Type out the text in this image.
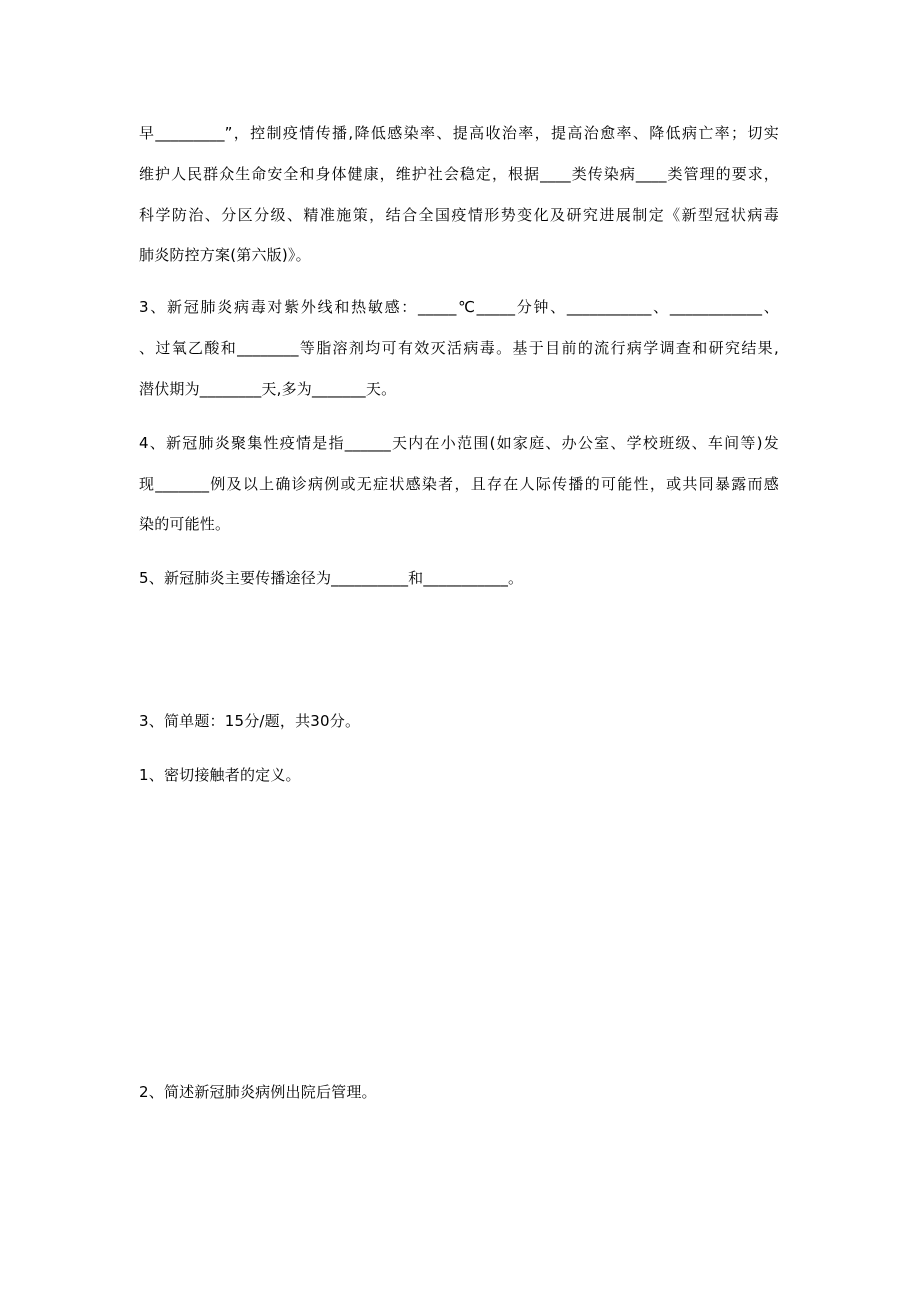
早_________”，控制疫情传播,降低感染率、提高收治率，提高治愈率、降低病亡率；切实
维护人民群众生命安全和身体健康，维护社会稳定，根据____类传染病____类管理的要求，
科学防治、分区分级、精准施策，结合全国疫情形势变化及研究进展制定《新型冠状病毒
肺炎防控方案(第六版)》。
3、新冠肺炎病毒对紫外线和热敏感：_____℃_____分钟、___________、____________、
、过氧乙酸和________等脂溶剂均可有效灭活病毒。基于目前的流行病学调查和研究结果,
潜伏期为________天,多为_______天。
4、新冠肺炎聚集性疫情是指______天内在小范围(如家庭、办公室、学校班级、车间等)发
现_______例及以上确诊病例或无症状感染者，且存在人际传播的可能性，或共同暴露而感
染的可能性。
5、新冠肺炎主要传播途径为__________和___________。
3、简单题：15分/题，共30分。
1、密切接触者的定义。
2、简述新冠肺炎病例出院后管理。
